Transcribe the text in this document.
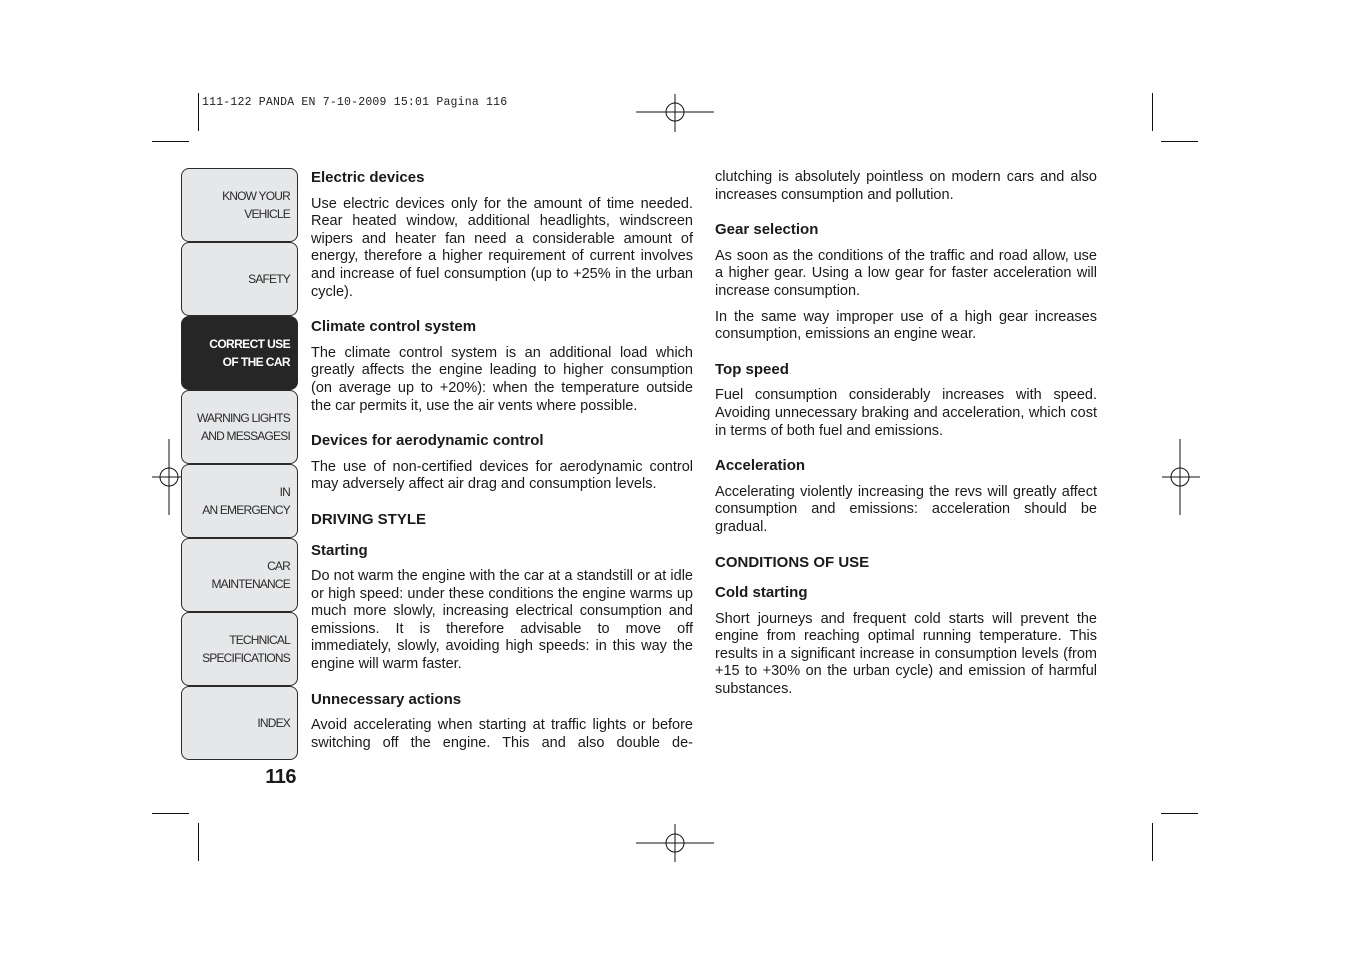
111-122 PANDA EN 7-10-2009 15:01 Pagina 116
KNOW YOUR
VEHICLE
SAFETY
CORRECT USE
OF THE CAR
WARNING LIGHTS
AND MESSAGESI
IN
AN EMERGENCY
CAR
MAINTENANCE
TECHNICAL
SPECIFICATIONS
INDEX
116
Electric devices
Use electric devices only for the amount of time needed. Rear heated window, additional headlights, windscreen wipers and heater fan need a considerable amount of energy, therefore a higher requirement of current involves and increase of fuel consumption (up to +25% in the urban cycle).
Climate control system
The climate control system is an additional load which greatly affects the engine leading to higher consumption (on average up to +20%): when the temperature outside the car permits it, use the air vents where possible.
Devices for aerodynamic control
The use of non-certified devices for aerodynamic control may adversely affect air drag and consumption levels.
DRIVING STYLE
Starting
Do not warm the engine with the car at a standstill or at idle or high speed: under these conditions the engine warms up much more slowly, increasing electrical consumption and emissions. It is therefore advisable to move off immediately, slowly, avoiding high speeds: in this way the engine will warm faster.
Unnecessary actions
Avoid accelerating when starting at traffic lights or before switching off the engine. This and also double de-
clutching is absolutely pointless on modern cars and also increases consumption and pollution.
Gear selection
As soon as the conditions of the traffic and road allow, use a higher gear. Using a low gear for faster acceleration will increase consumption.
In the same way improper use of a high gear increases consumption, emissions an engine wear.
Top speed
Fuel consumption considerably increases with speed. Avoiding unnecessary braking and acceleration, which cost in terms of both fuel and emissions.
Acceleration
Accelerating violently increasing the revs will greatly affect consumption and emissions: acceleration should be gradual.
CONDITIONS OF USE
Cold starting
Short journeys and frequent cold starts will prevent the engine from reaching optimal running temperature. This results in a significant increase in consumption levels (from +15 to +30% on the urban cycle) and emission of harmful substances.
